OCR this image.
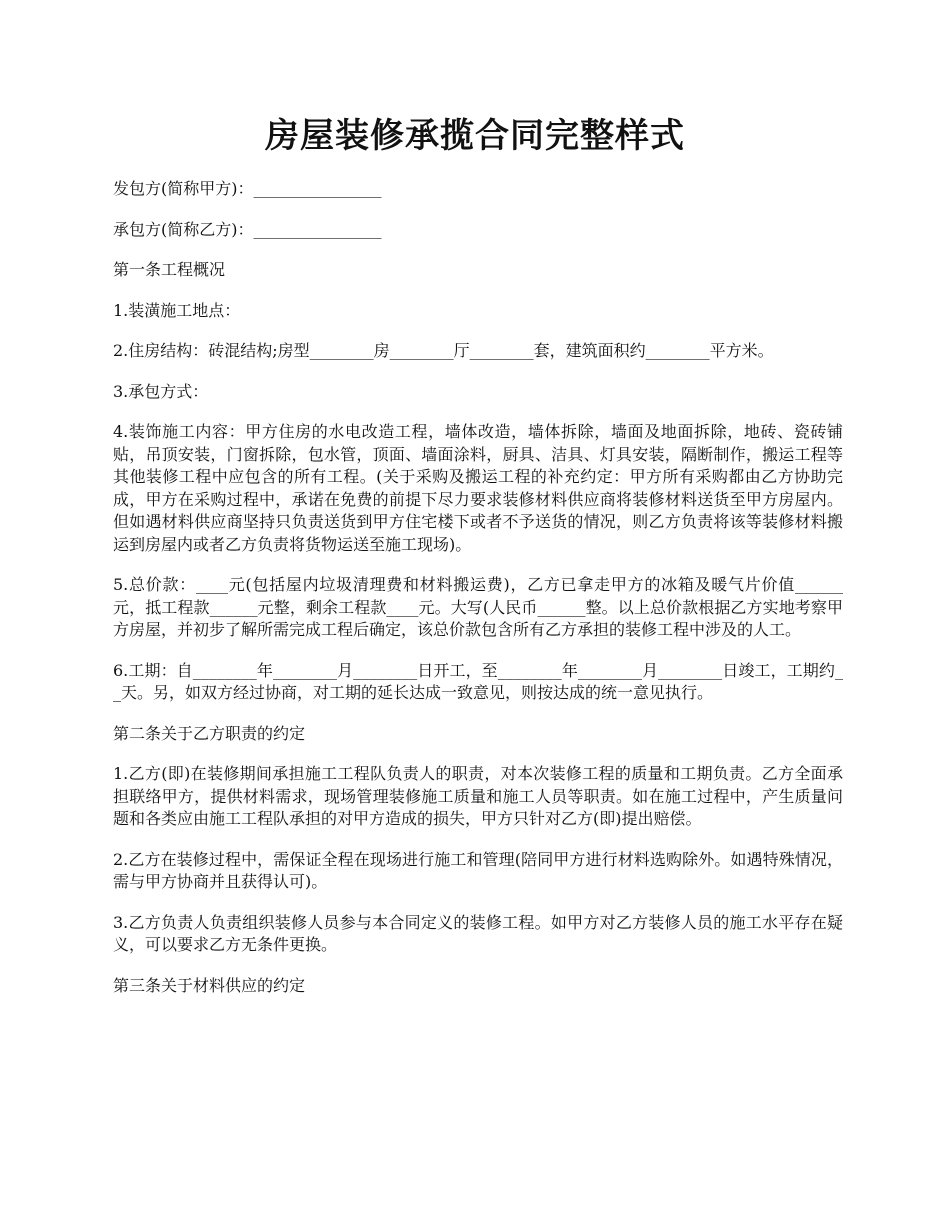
房屋装修承揽合同完整样式

发包方(简称甲方)：________________

承包方(简称乙方)：________________

第一条工程概况

1.装潢施工地点：

2.住房结构：砖混结构;房型________房________厅________套，建筑面积约________平方米。

3.承包方式：

4.装饰施工内容：甲方住房的水电改造工程，墙体改造，墙体拆除，墙面及地面拆除，地砖、瓷砖铺贴，吊顶安装，门窗拆除，包水管，顶面、墙面涂料，厨具、洁具、灯具安装，隔断制作，搬运工程等其他装修工程中应包含的所有工程。(关于采购及搬运工程的补充约定：甲方所有采购都由乙方协助完成，甲方在采购过程中，承诺在免费的前提下尽力要求装修材料供应商将装修材料送货至甲方房屋内。但如遇材料供应商坚持只负责送货到甲方住宅楼下或者不予送货的情况，则乙方负责将该等装修材料搬运到房屋内或者乙方负责将货物运送至施工现场)。

5.总价款：____元(包括屋内垃圾清理费和材料搬运费)，乙方已拿走甲方的冰箱及暖气片价值______元，抵工程款______元整，剩余工程款____元。大写(人民币______整。以上总价款根据乙方实地考察甲方房屋，并初步了解所需完成工程后确定，该总价款包含所有乙方承担的装修工程中涉及的人工。

6.工期：自________年________月________日开工，至________年________月________日竣工，工期约__天。另，如双方经过协商，对工期的延长达成一致意见，则按达成的统一意见执行。

第二条关于乙方职责的约定

1.乙方(即)在装修期间承担施工工程队负责人的职责，对本次装修工程的质量和工期负责。乙方全面承担联络甲方，提供材料需求，现场管理装修施工质量和施工人员等职责。如在施工过程中，产生质量问题和各类应由施工工程队承担的对甲方造成的损失，甲方只针对乙方(即)提出赔偿。

2.乙方在装修过程中，需保证全程在现场进行施工和管理(陪同甲方进行材料选购除外。如遇特殊情况，需与甲方协商并且获得认可)。

3.乙方负责人负责组织装修人员参与本合同定义的装修工程。如甲方对乙方装修人员的施工水平存在疑义，可以要求乙方无条件更换。

第三条关于材料供应的约定
